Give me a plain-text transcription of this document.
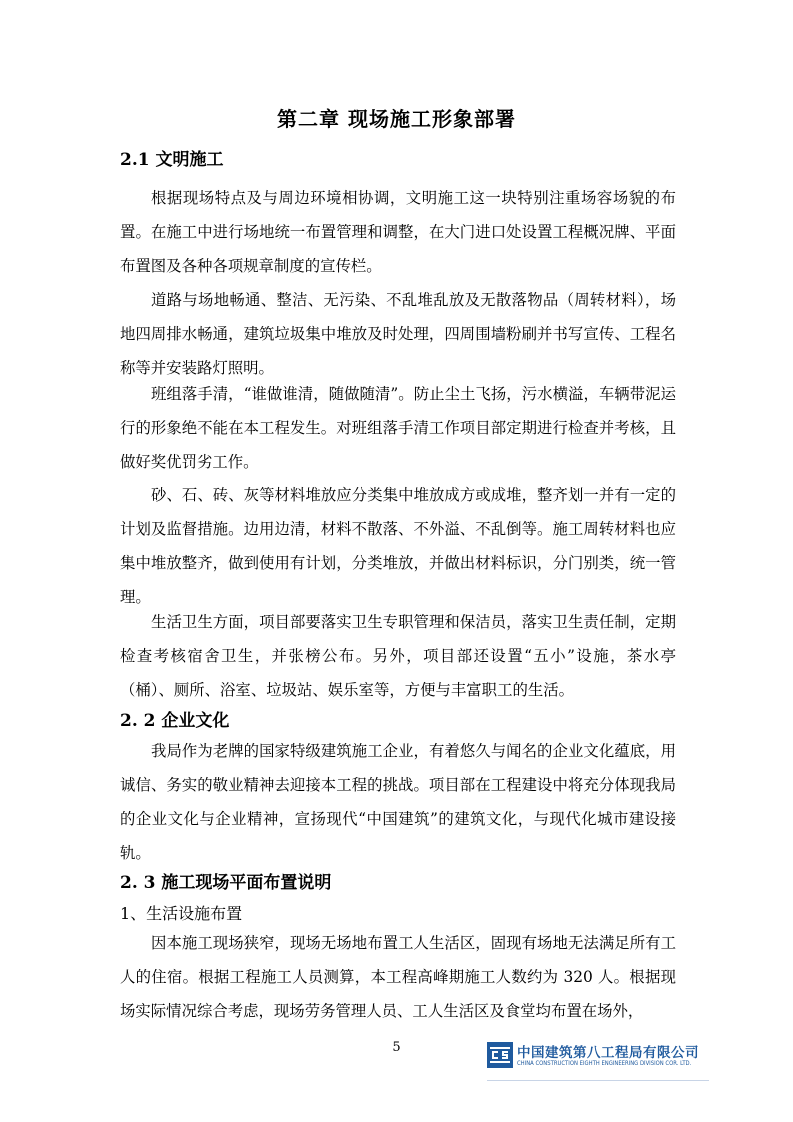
第二章 现场施工形象部署
2.1 文明施工
根据现场特点及与周边环境相协调，文明施工这一块特别注重场容场貌的布置。在施工中进行场地统一布置管理和调整，在大门进口处设置工程概况牌、平面布置图及各种各项规章制度的宣传栏。
道路与场地畅通、整洁、无污染、不乱堆乱放及无散落物品（周转材料），场地四周排水畅通，建筑垃圾集中堆放及时处理，四周围墙粉刷并书写宣传、工程名称等并安装路灯照明。
班组落手清，“谁做谁清，随做随清”。防止尘土飞扬，污水横溢，车辆带泥运行的形象绝不能在本工程发生。对班组落手清工作项目部定期进行检查并考核，且做好奖优罚劣工作。
砂、石、砖、灰等材料堆放应分类集中堆放成方或成堆，整齐划一并有一定的计划及监督措施。边用边清，材料不散落、不外溢、不乱倒等。施工周转材料也应集中堆放整齐，做到使用有计划，分类堆放，并做出材料标识，分门别类，统一管理。
生活卫生方面，项目部要落实卫生专职管理和保洁员，落实卫生责任制，定期检查考核宿舍卫生，并张榜公布。另外，项目部还设置“五小”设施，茶水亭（桶）、厕所、浴室、垃圾站、娱乐室等，方便与丰富职工的生活。
2. 2 企业文化
我局作为老牌的国家特级建筑施工企业，有着悠久与闻名的企业文化蕴底，用诚信、务实的敬业精神去迎接本工程的挑战。项目部在工程建设中将充分体现我局的企业文化与企业精神，宣扬现代“中国建筑”的建筑文化，与现代化城市建设接轨。
2. 3 施工现场平面布置说明
1、生活设施布置
因本施工现场狭窄，现场无场地布置工人生活区，固现有场地无法满足所有工人的住宿。根据工程施工人员测算，本工程高峰期施工人数约为 320 人。根据现场实际情况综合考虑，现场劳务管理人员、工人生活区及食堂均布置在场外，
5	中国建筑第八工程局有限公司
CHINA CONSTRUCTION EIGHTH ENGINEERING DIVISION COR. LTD.
